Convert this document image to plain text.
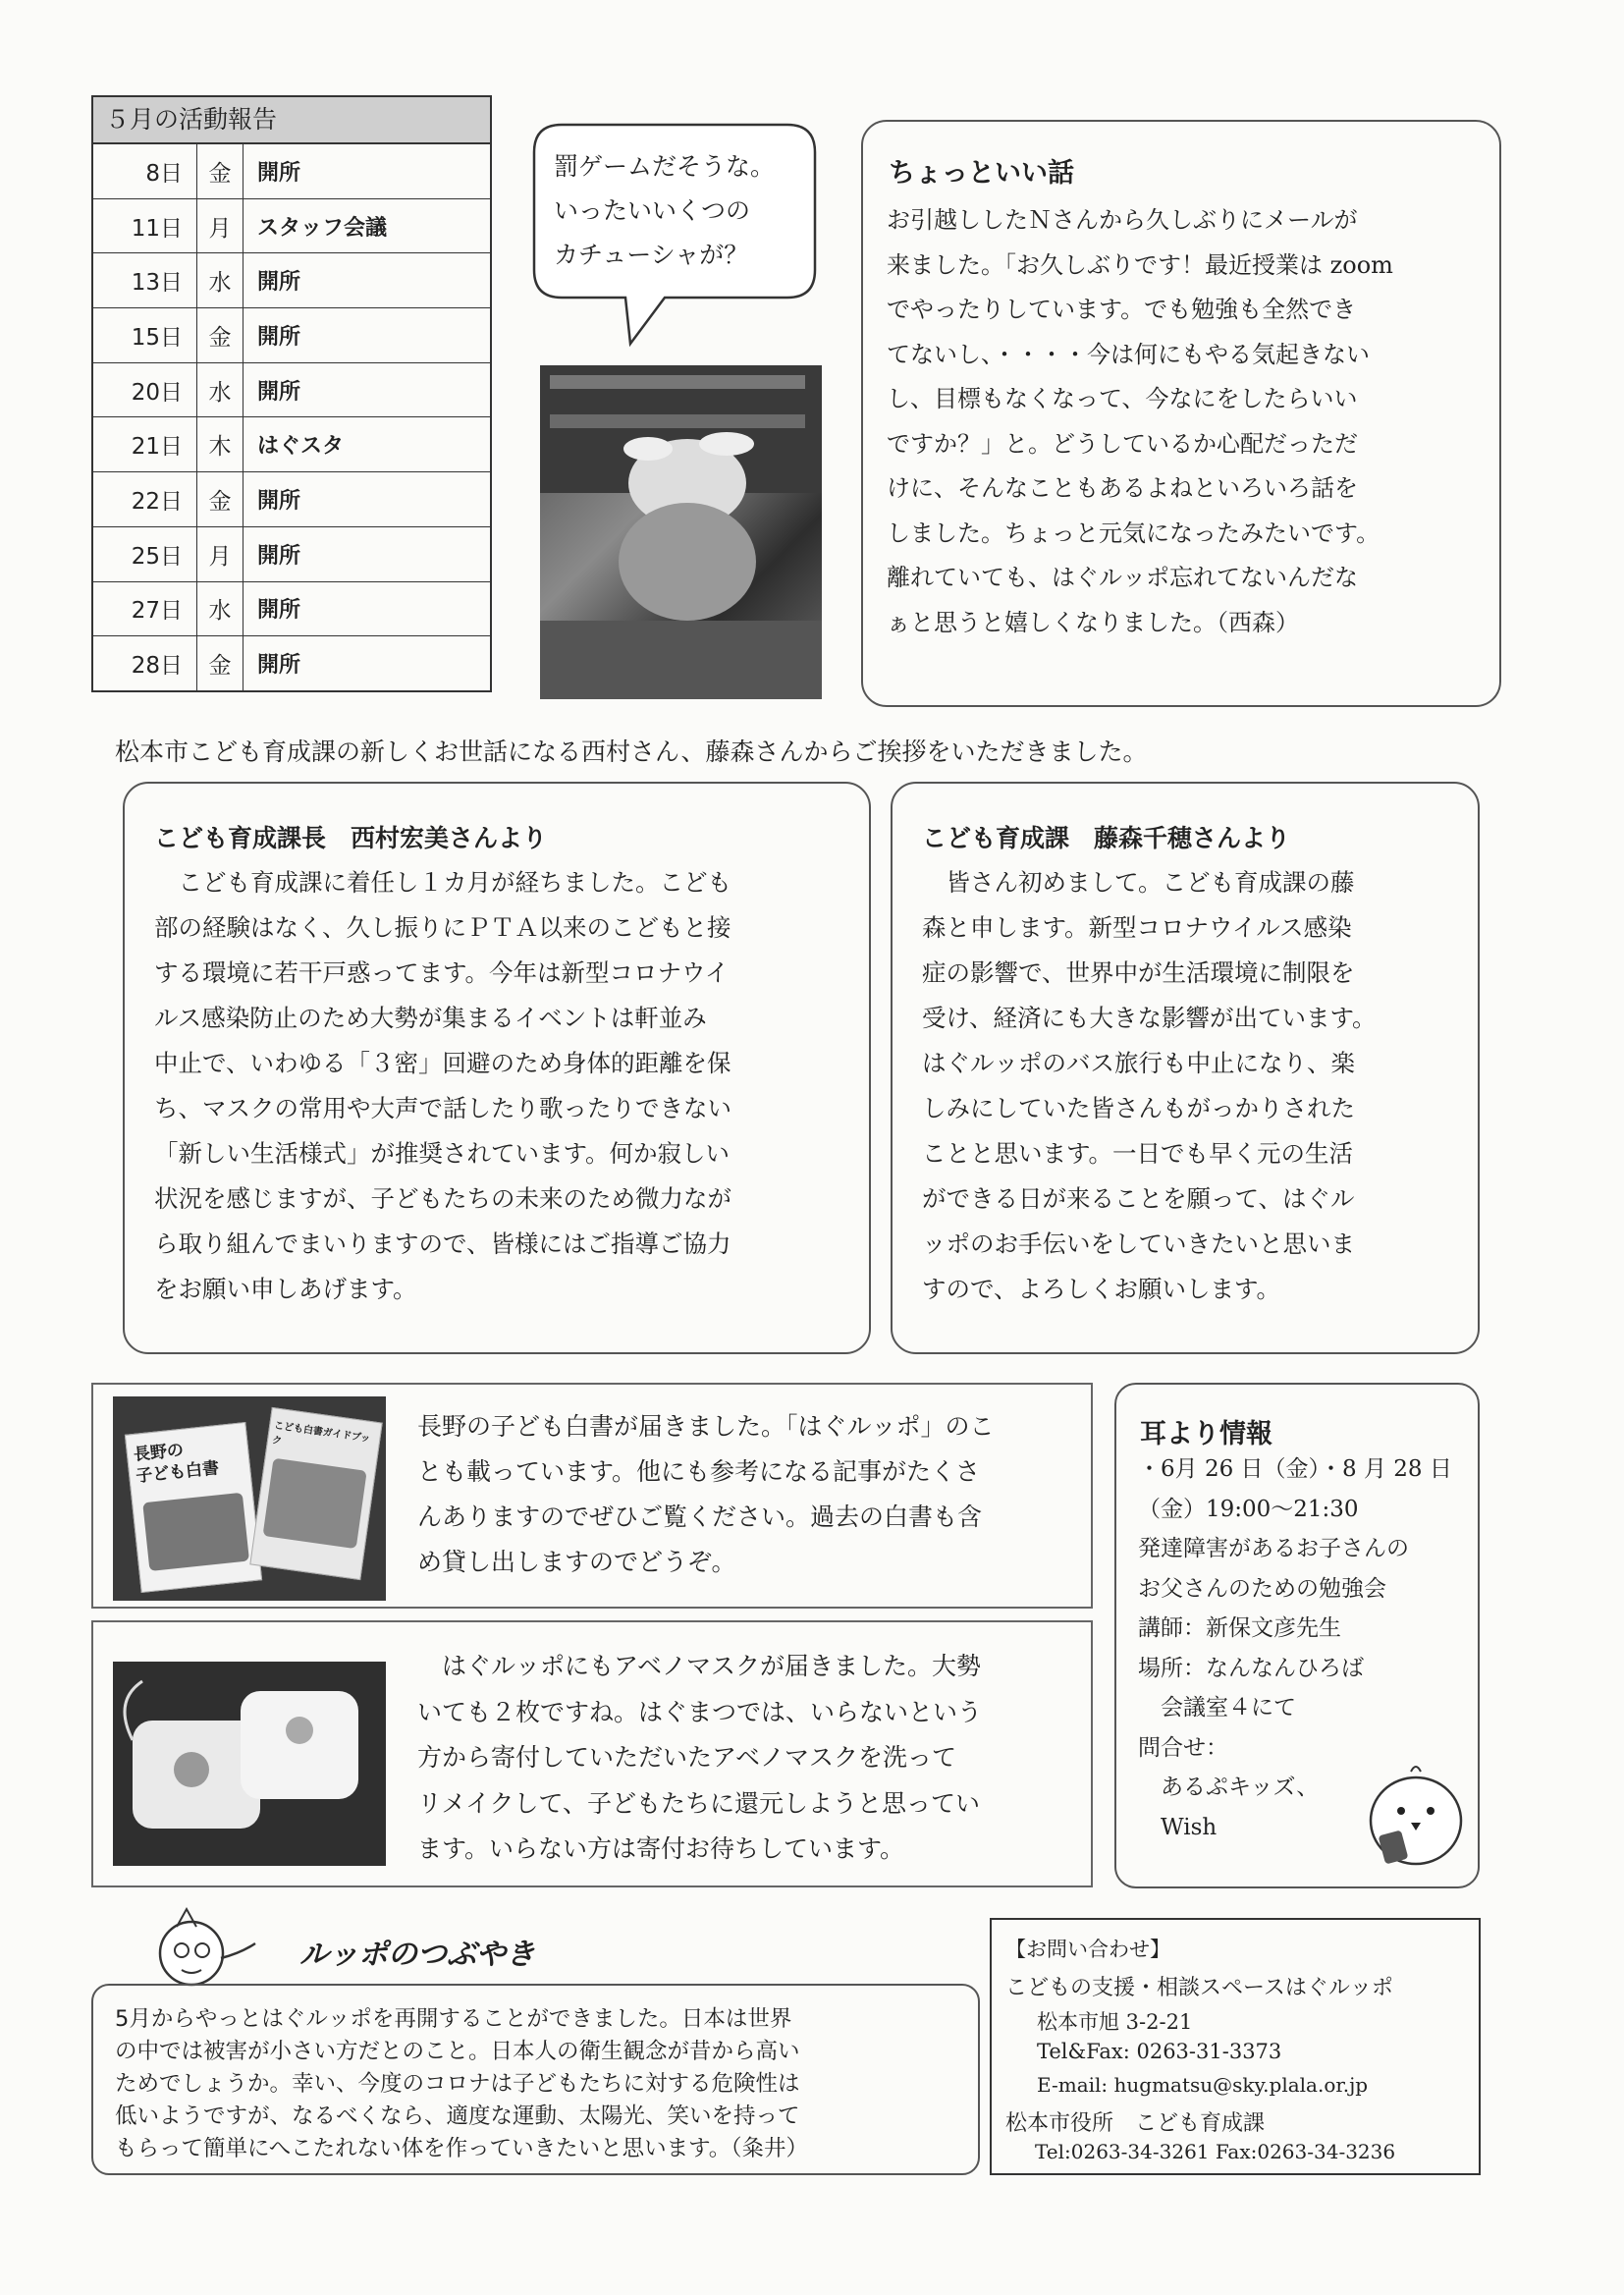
５月の活動報告
8日	金	開所
11日	月	スタッフ会議
13日	水	開所
15日	金	開所
20日	水	開所
21日	木	はぐスタ
22日	金	開所
25日	月	開所
27日	水	開所
28日	金	開所
罰ゲームだそうな。
いったいいくつの
カチューシャが？
ちょっといい話
お引越ししたＮさんから久しぶりにメールが
来ました。「お久しぶりです！最近授業は zoom
でやったりしています。でも勉強も全然でき
てないし、・・・・今は何にもやる気起きない
し、目標もなくなって、今なにをしたらいい
ですか？」と。どうしているか心配だっただ
けに、そんなこともあるよねといろいろ話を
しました。ちょっと元気になったみたいです。
離れていても、はぐルッポ忘れてないんだな
ぁと思うと嬉しくなりました。（西森）
松本市こども育成課の新しくお世話になる西村さん、藤森さんからご挨拶をいただきました。
こども育成課長　西村宏美さんより
　こども育成課に着任し１カ月が経ちました。こども
部の経験はなく、久し振りにＰＴＡ以来のこどもと接
する環境に若干戸惑ってます。今年は新型コロナウイ
ルス感染防止のため大勢が集まるイベントは軒並み
中止で、いわゆる「３密」回避のため身体的距離を保
ち、マスクの常用や大声で話したり歌ったりできない
「新しい生活様式」が推奨されています。何か寂しい
状況を感じますが、子どもたちの未来のため微力なが
ら取り組んでまいりますので、皆様にはご指導ご協力
をお願い申しあげます。
こども育成課　藤森千穂さんより
　皆さん初めまして。こども育成課の藤
森と申します。新型コロナウイルス感染
症の影響で、世界中が生活環境に制限を
受け、経済にも大きな影響が出ています。
はぐルッポのバス旅行も中止になり、楽
しみにしていた皆さんもがっかりされた
ことと思います。一日でも早く元の生活
ができる日が来ることを願って、はぐル
ッポのお手伝いをしていきたいと思いま
すので、よろしくお願いします。
長野の
子ども白書
こども白書ガイドブック
長野の子ども白書が届きました。「はぐルッポ」のこ
とも載っています。他にも参考になる記事がたくさ
んありますのでぜひご覧ください。過去の白書も含
め貸し出しますのでどうぞ。
　はぐルッポにもアベノマスクが届きました。大勢
いても２枚ですね。はぐまつでは、いらないという
方から寄付していただいたアベノマスクを洗って
リメイクして、子どもたちに還元しようと思ってい
ます。いらない方は寄付お待ちしています。
耳より情報
・6月 26 日（金）・8 月 28 日
（金）19:00～21:30
発達障害があるお子さんの
お父さんのための勉強会
講師：新保文彦先生
場所：なんなんひろば
　会議室４にて
問合せ：
　あるぷキッズ、
　Wish
ルッポのつぶやき
5月からやっとはぐルッポを再開することができました。日本は世界
の中では被害が小さい方だとのこと。日本人の衛生観念が昔から高い
ためでしょうか。幸い、今度のコロナは子どもたちに対する危険性は
低いようですが、なるべくなら、適度な運動、太陽光、笑いを持って
もらって簡単にへこたれない体を作っていきたいと思います。（粂井）
【お問い合わせ】
こどもの支援・相談スペースはぐルッポ
松本市旭 3-2-21
Tel&Fax: 0263-31-3373
E-mail: hugmatsu@sky.plala.or.jp
松本市役所　こども育成課
Tel:0263-34-3261 Fax:0263-34-3236
